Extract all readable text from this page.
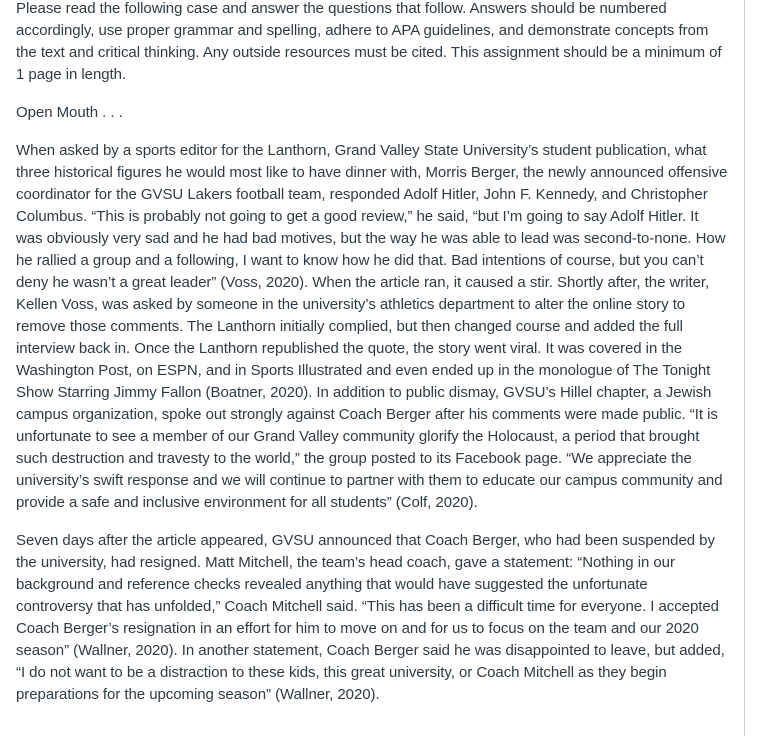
Please read the following case and answer the questions that follow. Answers should be numbered accordingly, use proper grammar and spelling, adhere to APA guidelines, and demonstrate concepts from the text and critical thinking. Any outside resources must be cited. This assignment should be a minimum of 1 page in length.

Open Mouth . . .

When asked by a sports editor for the Lanthorn, Grand Valley State University’s student publication, what three historical figures he would most like to have dinner with, Morris Berger, the newly announced offensive coordinator for the GVSU Lakers football team, responded Adolf Hitler, John F. Kennedy, and Christopher Columbus. “This is probably not going to get a good review,” he said, “but I’m going to say Adolf Hitler. It was obviously very sad and he had bad motives, but the way he was able to lead was second-to-none. How he rallied a group and a following, I want to know how he did that. Bad intentions of course, but you can’t deny he wasn’t a great leader” (Voss, 2020). When the article ran, it caused a stir. Shortly after, the writer, Kellen Voss, was asked by someone in the university’s athletics department to alter the online story to remove those comments. The Lanthorn initially complied, but then changed course and added the full interview back in. Once the Lanthorn republished the quote, the story went viral. It was covered in the Washington Post, on ESPN, and in Sports Illustrated and even ended up in the monologue of The Tonight Show Starring Jimmy Fallon (Boatner, 2020). In addition to public dismay, GVSU’s Hillel chapter, a Jewish campus organization, spoke out strongly against Coach Berger after his comments were made public. “It is unfortunate to see a member of our Grand Valley community glorify the Holocaust, a period that brought such destruction and travesty to the world,” the group posted to its Facebook page. “We appreciate the university’s swift response and we will continue to partner with them to educate our campus community and provide a safe and inclusive environment for all students” (Colf, 2020).

Seven days after the article appeared, GVSU announced that Coach Berger, who had been suspended by the university, had resigned. Matt Mitchell, the team’s head coach, gave a statement: “Nothing in our background and reference checks revealed anything that would have suggested the unfortunate controversy that has unfolded,” Coach Mitchell said. “This has been a difficult time for everyone. I accepted Coach Berger’s resignation in an effort for him to move on and for us to focus on the team and our 2020 season” (Wallner, 2020). In another statement, Coach Berger said he was disappointed to leave, but added, “I do not want to be a distraction to these kids, this great university, or Coach Mitchell as they begin preparations for the upcoming season” (Wallner, 2020).
